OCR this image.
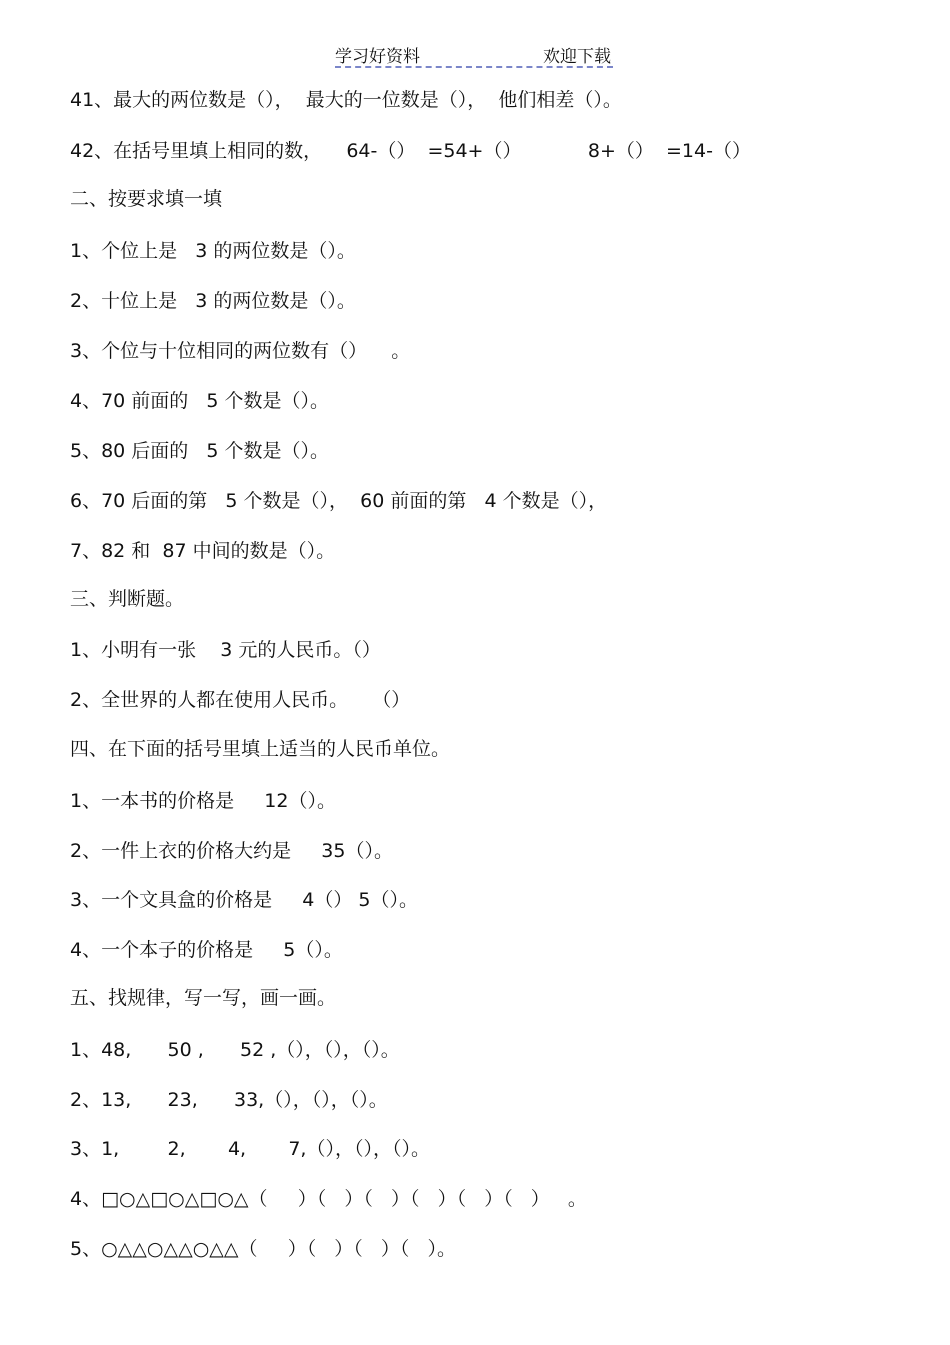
学习好资料	欢迎下载
41、最大的两位数是（），  最大的一位数是（），  他们相差（）。
42、在括号里填上相同的数，    64-（）  =54+（）           8+（）  =14-（）
二、按要求填一填
1、个位上是   3 的两位数是（）。
2、十位上是   3 的两位数是（）。
3、个位与十位相同的两位数有（）    。
4、70 前面的   5 个数是（）。
5、80 后面的   5 个数是（）。
6、70 后面的第   5 个数是（），  60 前面的第   4 个数是（），
7、82 和  87 中间的数是（）。
三、判断题。
1、小明有一张    3 元的人民币。（）
2、全世界的人都在使用人民币。    （）
四、在下面的括号里填上适当的人民币单位。
1、一本书的价格是     12（）。
2、一件上衣的价格大约是     35（）。
3、一个文具盒的价格是     4（） 5（）。
4、一个本子的价格是     5（）。
五、找规律，写一写，画一画。
1、48,      50 ,      52 ,（），（），（）。
2、13,      23,      33,（），（），（）。
3、1,        2,       4,       7,（），（），（）。
4、□○△□○△□○△（     ）（   ）（   ）（   ）（   ）（   ）   。
5、○△△○△△○△△（     ）（   ）（   ）（   ）。
